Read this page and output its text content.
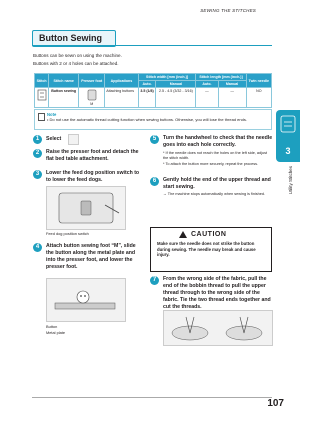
SEWING THE STITCHES
Button Sewing
Buttons can be sewn on using the machine.
Buttons with 2 or 4 holes can be attached.
Stitch	Stitch name	Presser foot	Applications	Stitch width [mm (inch.)]		Stitch length [mm (inch.)]		Twin needle
				Auto.	Manual	Auto.	Manual	
	Button sewing	M	Attaching buttons	3.5 (1/8)	2.5 - 4.5 (3/32 - 3/16)	—	—	NO
Note
• Do not use the automatic thread cutting function when sewing buttons. Otherwise, you will lose the thread ends.
1	Select
2	Raise the presser foot and detach the flat bed table attachment.
3	Lower the feed dog position switch to to lower the feed dogs.
Feed dog position switch
4	Attach button sewing foot “M”, slide the button along the metal plate and into the presser foot, and lower the presser foot.
Button
Metal plate
5	Turn the handwheel to check that the needle goes into each hole correctly.
* If the needle does not reach the holes on the left side, adjust the stitch width.
* To attach the button more securely, repeat the process.
6	Gently hold the end of the upper thread and start sewing.
→ The machine stops automatically when sewing is finished.
CAUTION
Make sure the needle does not strike the button during sewing. The needle may break and cause injury.
7	From the wrong side of the fabric, pull the end of the bobbin thread to pull the upper thread through to the wrong side of the fabric. Tie the two thread ends together and cut the threads.
3
Utility Stitches
107
